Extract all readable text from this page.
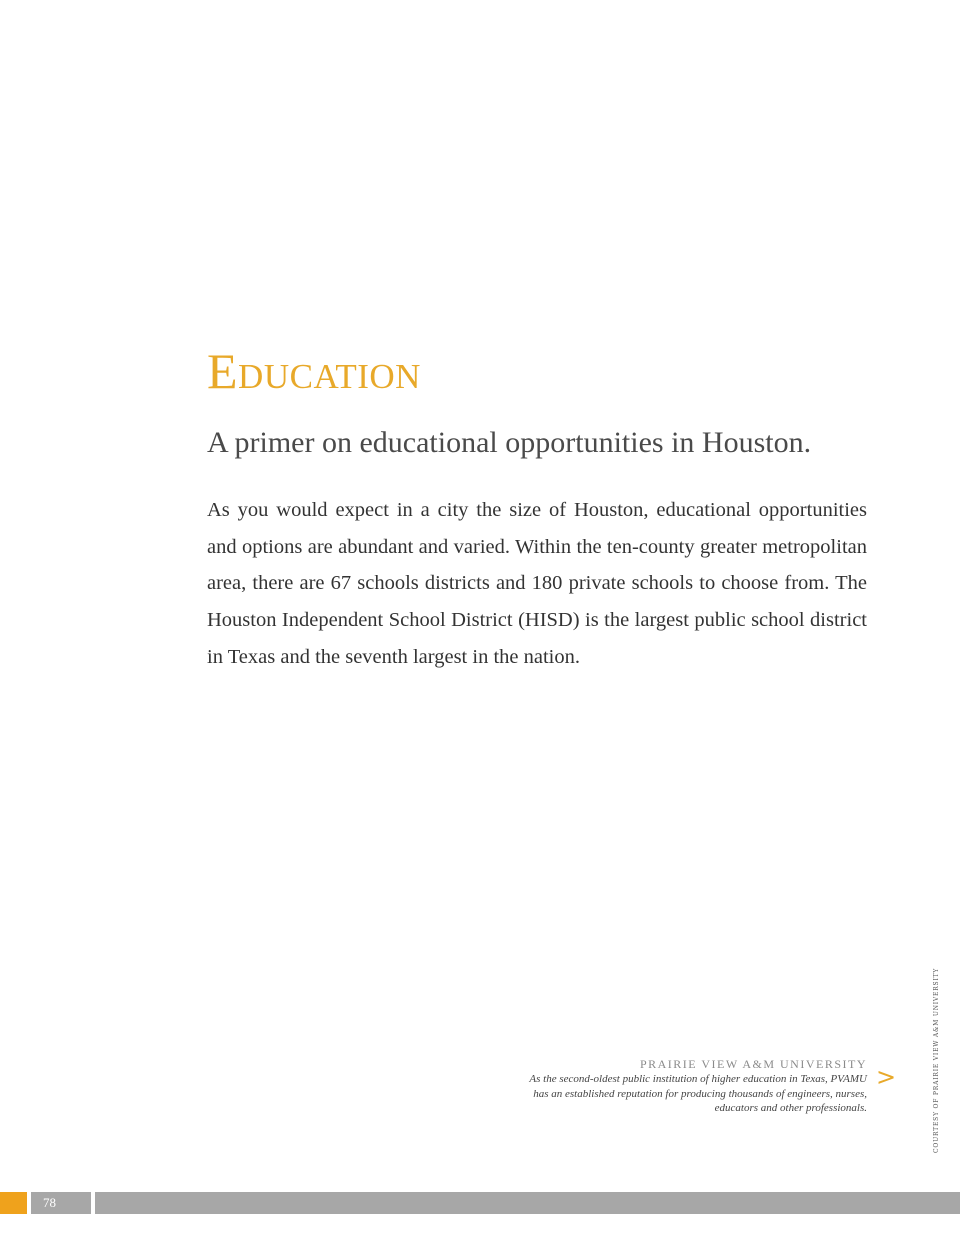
Education
A primer on educational opportunities in Houston.

As you would expect in a city the size of Houston, educational opportunities and options are abundant and varied. Within the ten-county greater metropolitan area, there are 67 schools districts and 180 private schools to choose from. The Houston Independent School District (HISD) is the largest public school district in Texas and the seventh largest in the nation.

PRAIRIE VIEW A&M UNIVERSITY
As the second-oldest public institution of higher education in Texas, PVAMU has an established reputation for producing thousands of engineers, nurses, educators and other professionals.
>	COURTESY OF PRAIRIE VIEW A&M UNIVERSITY
78
